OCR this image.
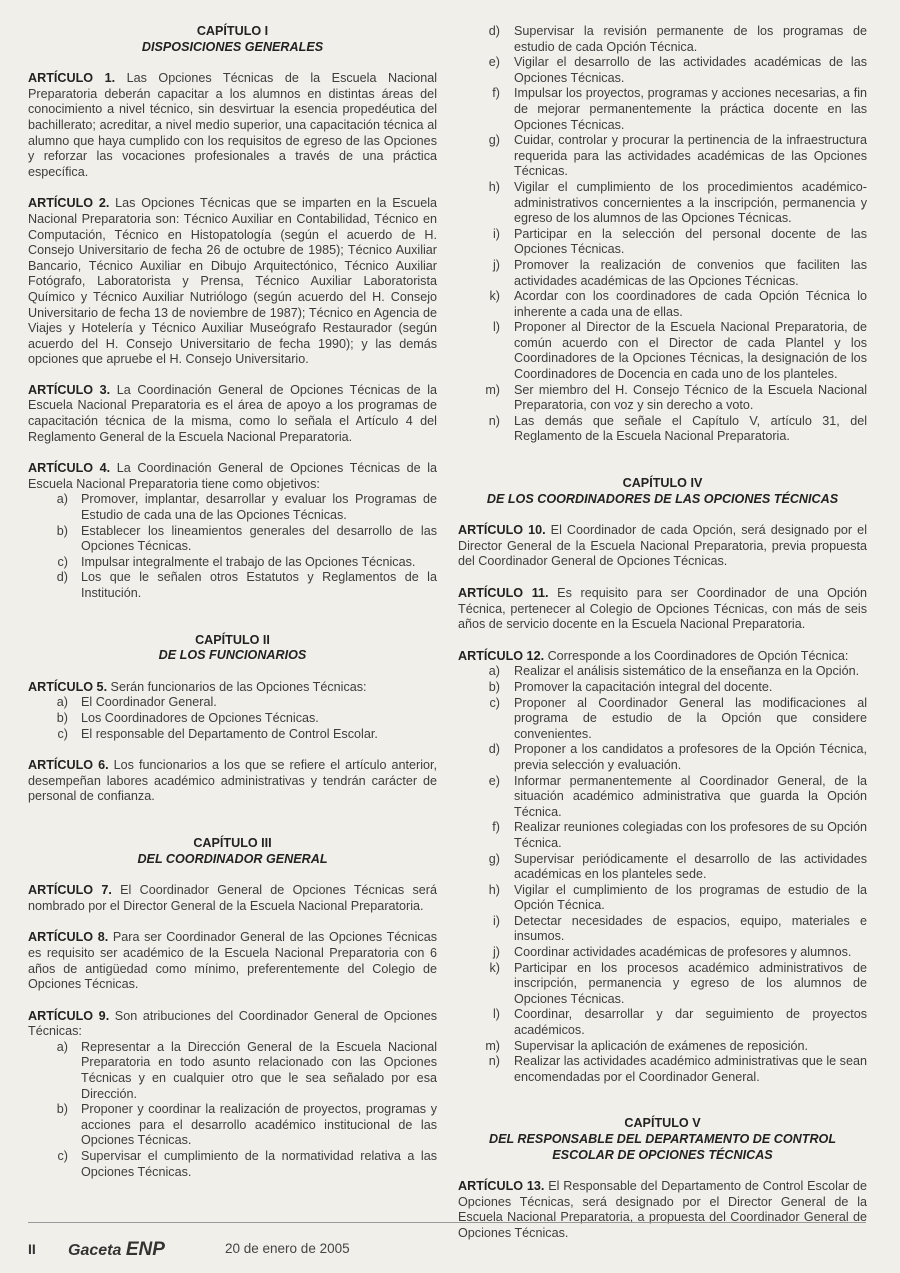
CAPÍTULO I
DISPOSICIONES GENERALES

ARTÍCULO 1. Las Opciones Técnicas de la Escuela Nacional Preparatoria deberán capacitar a los alumnos en distintas áreas del conocimiento a nivel técnico, sin desvirtuar la esencia propedéutica del bachillerato; acreditar, a nivel medio superior, una capacitación técnica al alumno que haya cumplido con los requisitos de egreso de las Opciones y reforzar las vocaciones profesionales a través de una práctica específica.

ARTÍCULO 2. Las Opciones Técnicas que se imparten en la Escuela Nacional Preparatoria son: Técnico Auxiliar en Contabilidad, Técnico en Computación, Técnico en Histopatología (según el acuerdo de H. Consejo Universitario de fecha 26 de octubre de 1985); Técnico Auxiliar Bancario, Técnico Auxiliar en Dibujo Arquitectónico, Técnico Auxiliar Fotógrafo, Laboratorista y Prensa, Técnico Auxiliar Laboratorista Químico y Técnico Auxiliar Nutriólogo (según acuerdo del H. Consejo Universitario de fecha 13 de noviembre de 1987); Técnico en Agencia de Viajes y Hotelería y Técnico Auxiliar Museógrafo Restaurador (según acuerdo del H. Consejo Universitario de fecha 1990); y las demás opciones que apruebe el H. Consejo Universitario.

ARTÍCULO 3. La Coordinación General de Opciones Técnicas de la Escuela Nacional Preparatoria es el área de apoyo a los programas de capacitación técnica de la misma, como lo señala el Artículo 4 del Reglamento General de la Escuela Nacional Preparatoria.

ARTÍCULO 4. La Coordinación General de Opciones Técnicas de la Escuela Nacional Preparatoria tiene como objetivos:

a) Promover, implantar, desarrollar y evaluar los Programas de Estudio de cada una de las Opciones Técnicas.
b) Establecer los lineamientos generales del desarrollo de las Opciones Técnicas.
c) Impulsar integralmente el trabajo de las Opciones Técnicas.
d) Los que le señalen otros Estatutos y Reglamentos de la Institución.
CAPÍTULO II
DE LOS FUNCIONARIOS

ARTÍCULO 5. Serán funcionarios de las Opciones Técnicas:

a) El Coordinador General.
b) Los Coordinadores de Opciones Técnicas.
c) El responsable del Departamento de Control Escolar.

ARTÍCULO 6. Los funcionarios a los que se refiere el artículo anterior, desempeñan labores académico administrativas y tendrán carácter de personal de confianza.

CAPÍTULO III
DEL COORDINADOR GENERAL

ARTÍCULO 7. El Coordinador General de Opciones Técnicas será nombrado por el Director General de la Escuela Nacional Preparatoria.

ARTÍCULO 8. Para ser Coordinador General de las Opciones Técnicas es requisito ser académico de la Escuela Nacional Preparatoria con 6 años de antigüedad como mínimo, preferentemente del Colegio de Opciones Técnicas.

ARTÍCULO 9. Son atribuciones del Coordinador General de Opciones Técnicas:

a) Representar a la Dirección General de la Escuela Nacional Preparatoria en todo asunto relacionado con las Opciones Técnicas y en cualquier otro que le sea señalado por esa Dirección.
b) Proponer y coordinar la realización de proyectos, programas y acciones para el desarrollo académico institucional de las Opciones Técnicas.
c) Supervisar el cumplimiento de la normatividad relativa a las Opciones Técnicas.
d) Supervisar la revisión permanente de los programas de estudio de cada Opción Técnica.
e) Vigilar el desarrollo de las actividades académicas de las Opciones Técnicas.
f) Impulsar los proyectos, programas y acciones necesarias, a fin de mejorar permanentemente la práctica docente en las Opciones Técnicas.
g) Cuidar, controlar y procurar la pertinencia de la infraestructura requerida para las actividades académicas de las Opciones Técnicas.
h) Vigilar el cumplimiento de los procedimientos académico-administrativos concernientes a la inscripción, permanencia y egreso de los alumnos de las Opciones Técnicas.
i) Participar en la selección del personal docente de las Opciones Técnicas.
j) Promover la realización de convenios que faciliten las actividades académicas de las Opciones Técnicas.
k) Acordar con los coordinadores de cada Opción Técnica lo inherente a cada una de ellas.
l) Proponer al Director de la Escuela Nacional Preparatoria, de común acuerdo con el Director de cada Plantel y los Coordinadores de la Opciones Técnicas, la designación de los Coordinadores de Docencia en cada uno de los planteles.
m) Ser miembro del H. Consejo Técnico de la Escuela Nacional Preparatoria, con voz y sin derecho a voto.
n) Las demás que señale el Capítulo V, artículo 31, del Reglamento de la Escuela Nacional Preparatoria.
CAPÍTULO IV
DE LOS COORDINADORES DE LAS OPCIONES TÉCNICAS

ARTÍCULO 10. El Coordinador de cada Opción, será designado por el Director General de la Escuela Nacional Preparatoria, previa propuesta del Coordinador General de Opciones Técnicas.

ARTÍCULO 11. Es requisito para ser Coordinador de una Opción Técnica, pertenecer al Colegio de Opciones Técnicas, con más de seis años de servicio docente en la Escuela Nacional Preparatoria.

ARTÍCULO 12. Corresponde a los Coordinadores de Opción Técnica:

a) Realizar el análisis sistemático de la enseñanza en la Opción.
b) Promover la capacitación integral del docente.
c) Proponer al Coordinador General las modificaciones al programa de estudio de la Opción que considere convenientes.
d) Proponer a los candidatos a profesores de la Opción Técnica, previa selección y evaluación.
e) Informar permanentemente al Coordinador General, de la situación académico administrativa que guarda la Opción Técnica.
f) Realizar reuniones colegiadas con los profesores de su Opción Técnica.
g) Supervisar periódicamente el desarrollo de las actividades académicas en los planteles sede.
h) Vigilar el cumplimiento de los programas de estudio de la Opción Técnica.
i) Detectar necesidades de espacios, equipo, materiales e insumos.
j) Coordinar actividades académicas de profesores y alumnos.
k) Participar en los procesos académico administrativos de inscripción, permanencia y egreso de los alumnos de Opciones Técnicas.
l) Coordinar, desarrollar y dar seguimiento de proyectos académicos.
m) Supervisar la aplicación de exámenes de reposición.
n) Realizar las actividades académico administrativas que le sean encomendadas por el Coordinador General.
CAPÍTULO V
DEL RESPONSABLE DEL DEPARTAMENTO DE CONTROL ESCOLAR DE OPCIONES TÉCNICAS

ARTÍCULO 13. El Responsable del Departamento de Control Escolar de Opciones Técnicas, será designado por el Director General de la Escuela Nacional Preparatoria, a propuesta del Coordinador General de Opciones Técnicas.

II Gaceta ENP	20 de enero de 2005
